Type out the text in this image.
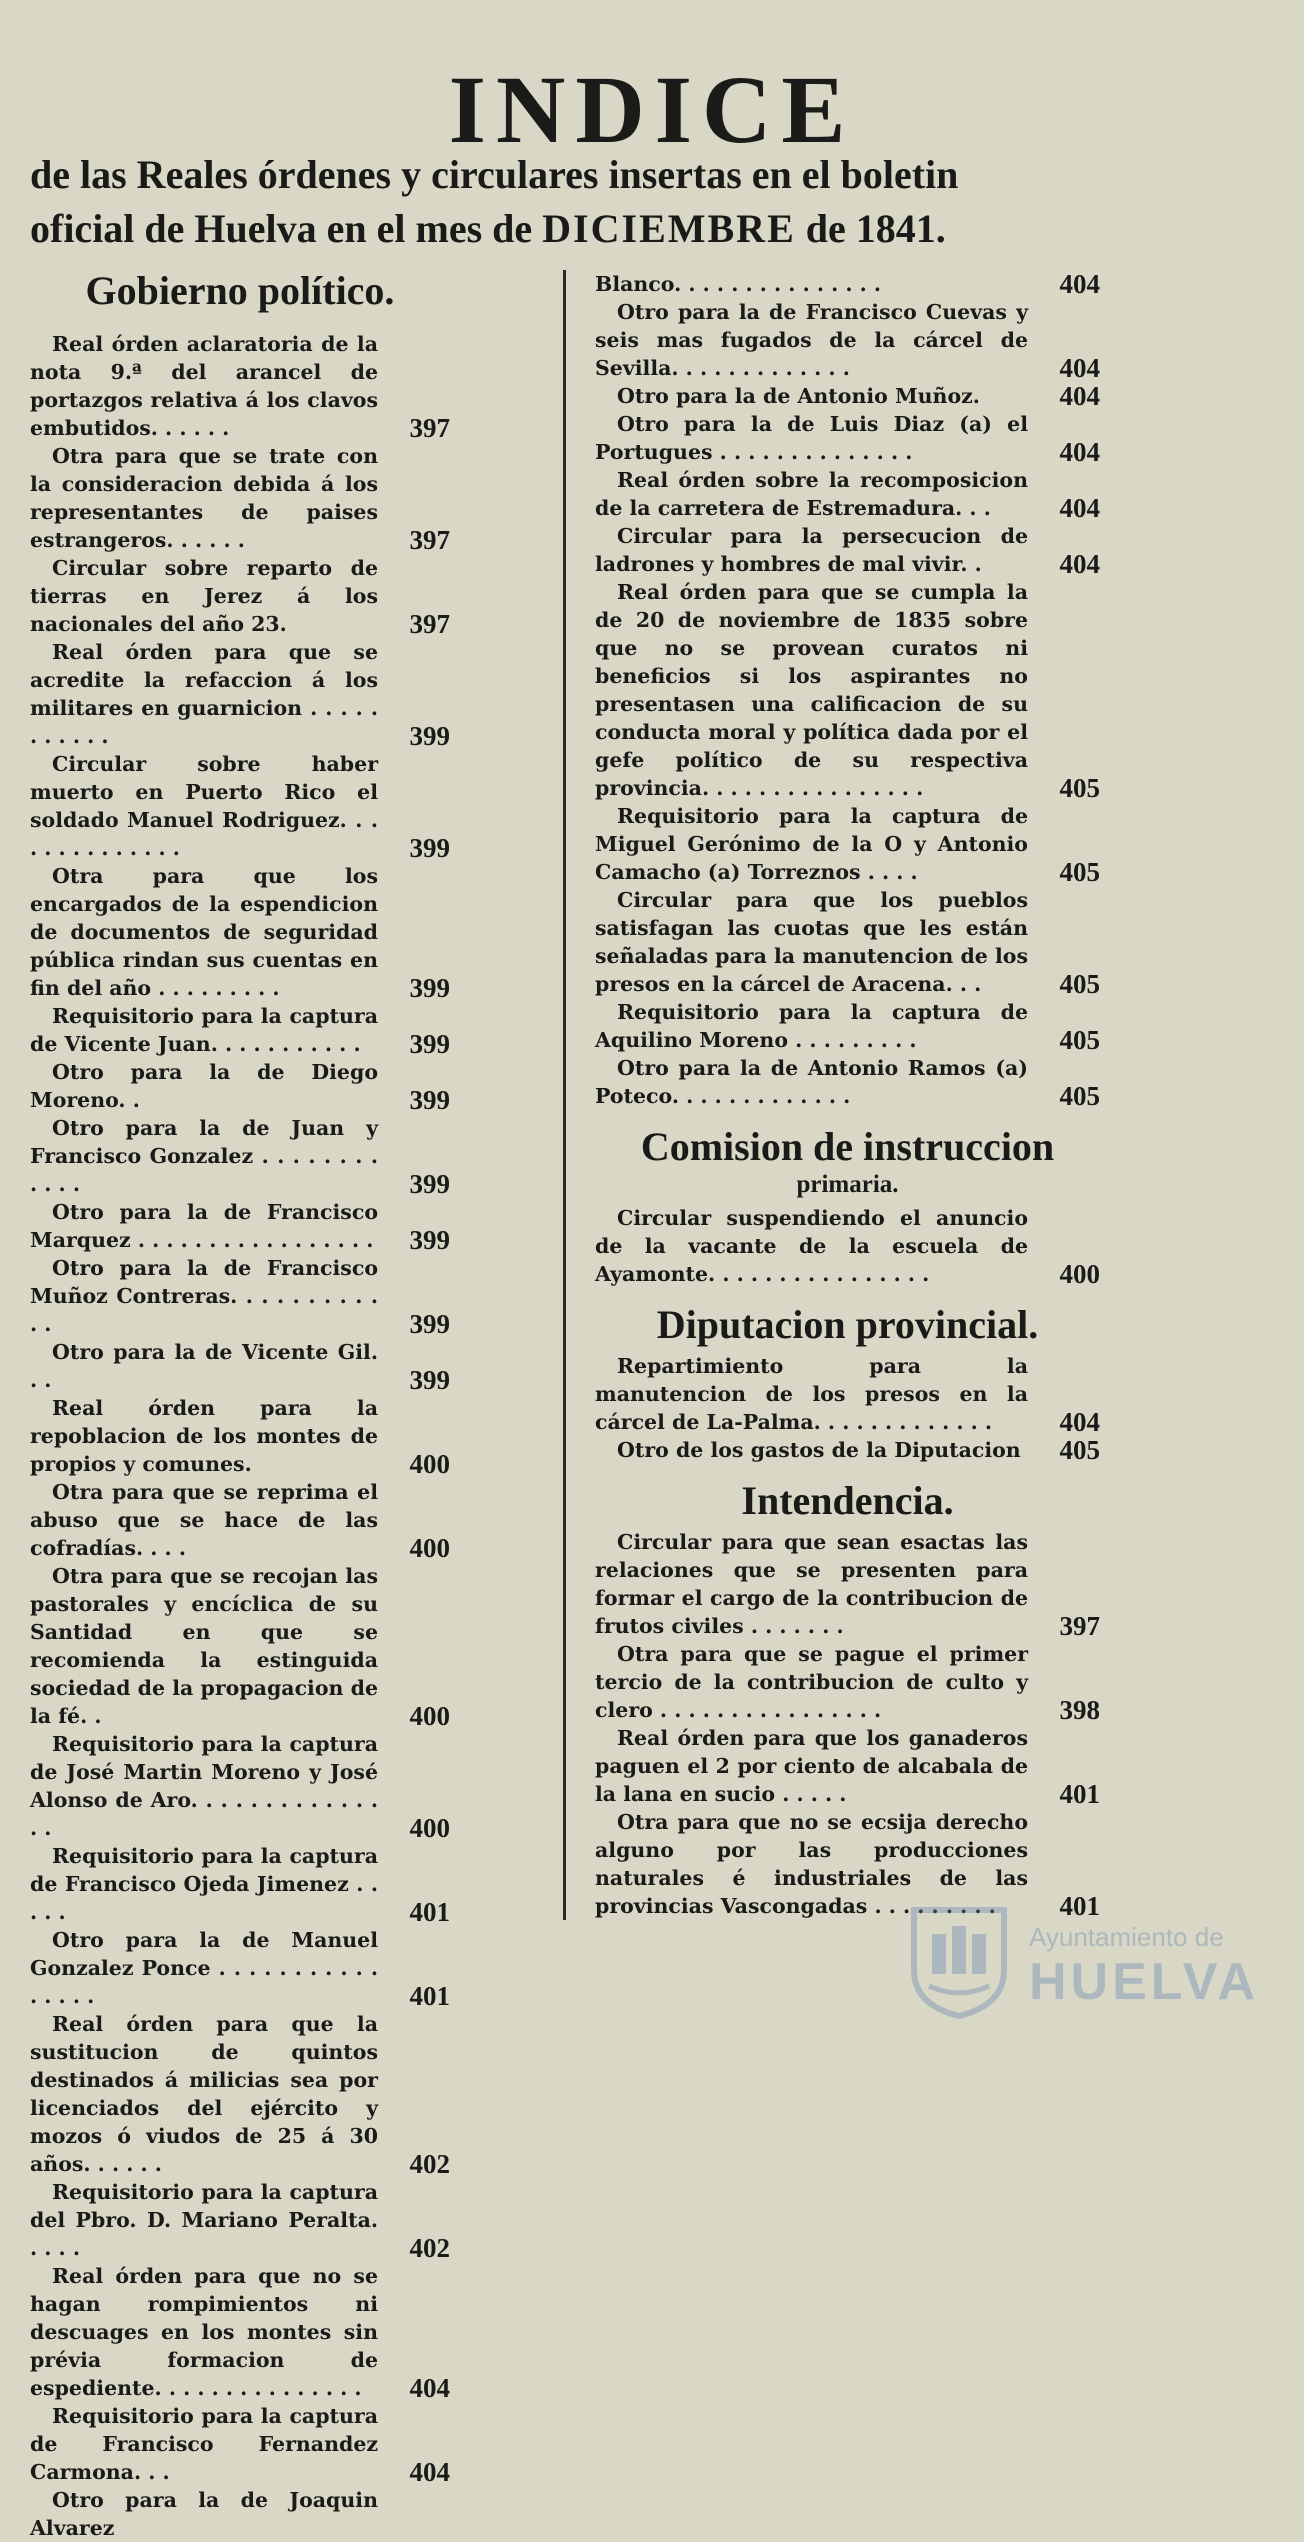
INDICE
de las Reales órdenes y circulares insertas en el boletin
oficial de Huelva en el mes de DICIEMBRE de 1841.
Gobierno político.
Real órden aclaratoria de la nota 9.ª del arancel de portazgos relativa á los clavos embutidos. . . . . .	397
Otra para que se trate con la consideracion debida á los representantes de paises estrangeros. . . . . .	397
Circular sobre reparto de tierras en Jerez á los nacionales del año 23.	397
Real órden para que se acredite la refaccion á los militares en guarnicion . . . . . . . . . . .	399
Circular sobre haber muerto en Puerto Rico el soldado Manuel Rodriguez. . . . . . . . . . . . . .	399
Otra para que los encargados de la espendicion de documentos de seguridad pública rindan sus cuentas en fin del año . . . . . . . . .	399
Requisitorio para la captura de Vicente Juan. . . . . . . . . . .	399
Otro para la de Diego Moreno. .	399
Otro para la de Juan y Francisco Gonzalez . . . . . . . . . . . .	399
Otro para la de Francisco Marquez . . . . . . . . . . . . . . . . .	399
Otro para la de Francisco Muñoz Contreras. . . . . . . . . . . .	399
Otro para la de Vicente Gil. . .	399
Real órden para la repoblacion de los montes de propios y comunes.	400
Otra para que se reprima el abuso que se hace de las cofradías. . . .	400
Otra para que se recojan las pastorales y encíclica de su Santidad en que se recomienda la estinguida sociedad de la propagacion de la fé. .	400
Requisitorio para la captura de José Martin Moreno y José Alonso de Aro. . . . . . . . . . . . . . .	400
Requisitorio para la captura de Francisco Ojeda Jimenez . . . . .	401
Otro para la de Manuel Gonzalez Ponce . . . . . . . . . . . . . . . .	401
Real órden para que la sustitucion de quintos destinados á milicias sea por licenciados del ejército y mozos ó viudos de 25 á 30 años. . . . . .	402
Requisitorio para la captura del Pbro. D. Mariano Peralta. . . . .	402
Real órden para que no se hagan rompimientos ni descuages en los montes sin prévia formacion de espediente. . . . . . . . . . . . . . .	404
Requisitorio para la captura de Francisco Fernandez Carmona. . .	404
Otro para la de Joaquin Alvarez
Blanco. . . . . . . . . . . . . . .	404
Otro para la de Francisco Cuevas y seis mas fugados de la cárcel de Sevilla. . . . . . . . . . . . .	404
Otro para la de Antonio Muñoz.	404
Otro para la de Luis Diaz (a) el Portugues . . . . . . . . . . . . . .	404
Real órden sobre la recomposicion de la carretera de Estremadura. . .	404
Circular para la persecucion de ladrones y hombres de mal vivir. .	404
Real órden para que se cumpla la de 20 de noviembre de 1835 sobre que no se provean curatos ni beneficios si los aspirantes no presentasen una calificacion de su conducta moral y política dada por el gefe político de su respectiva provincia. . . . . . . . . . . . . . . .	405
Requisitorio para la captura de Miguel Gerónimo de la O y Antonio Camacho (a) Torreznos . . . .	405
Circular para que los pueblos satisfagan las cuotas que les están señaladas para la manutencion de los presos en la cárcel de Aracena. . .	405
Requisitorio para la captura de Aquilino Moreno . . . . . . . . .	405
Otro para la de Antonio Ramos (a) Poteco. . . . . . . . . . . . .	405
Comision de instruccion
primaria.
Circular suspendiendo el anuncio de la vacante de la escuela de Ayamonte. . . . . . . . . . . . . . . .	400
Diputacion provincial.
Repartimiento para la manutencion de los presos en la cárcel de La-Palma. . . . . . . . . . . . .	404
Otro de los gastos de la Diputacion	405
Intendencia.
Circular para que sean esactas las relaciones que se presenten para formar el cargo de la contribucion de frutos civiles . . . . . . .	397
Otra para que se pague el primer tercio de la contribucion de culto y clero . . . . . . . . . . . . . . . .	398
Real órden para que los ganaderos paguen el 2 por ciento de alcabala de la lana en sucio . . . . .	401
Otra para que no se ecsija derecho alguno por las producciones naturales é industriales de las provincias Vascongadas . . . . . . . . .	401
Ayuntamiento de
HUELVA
